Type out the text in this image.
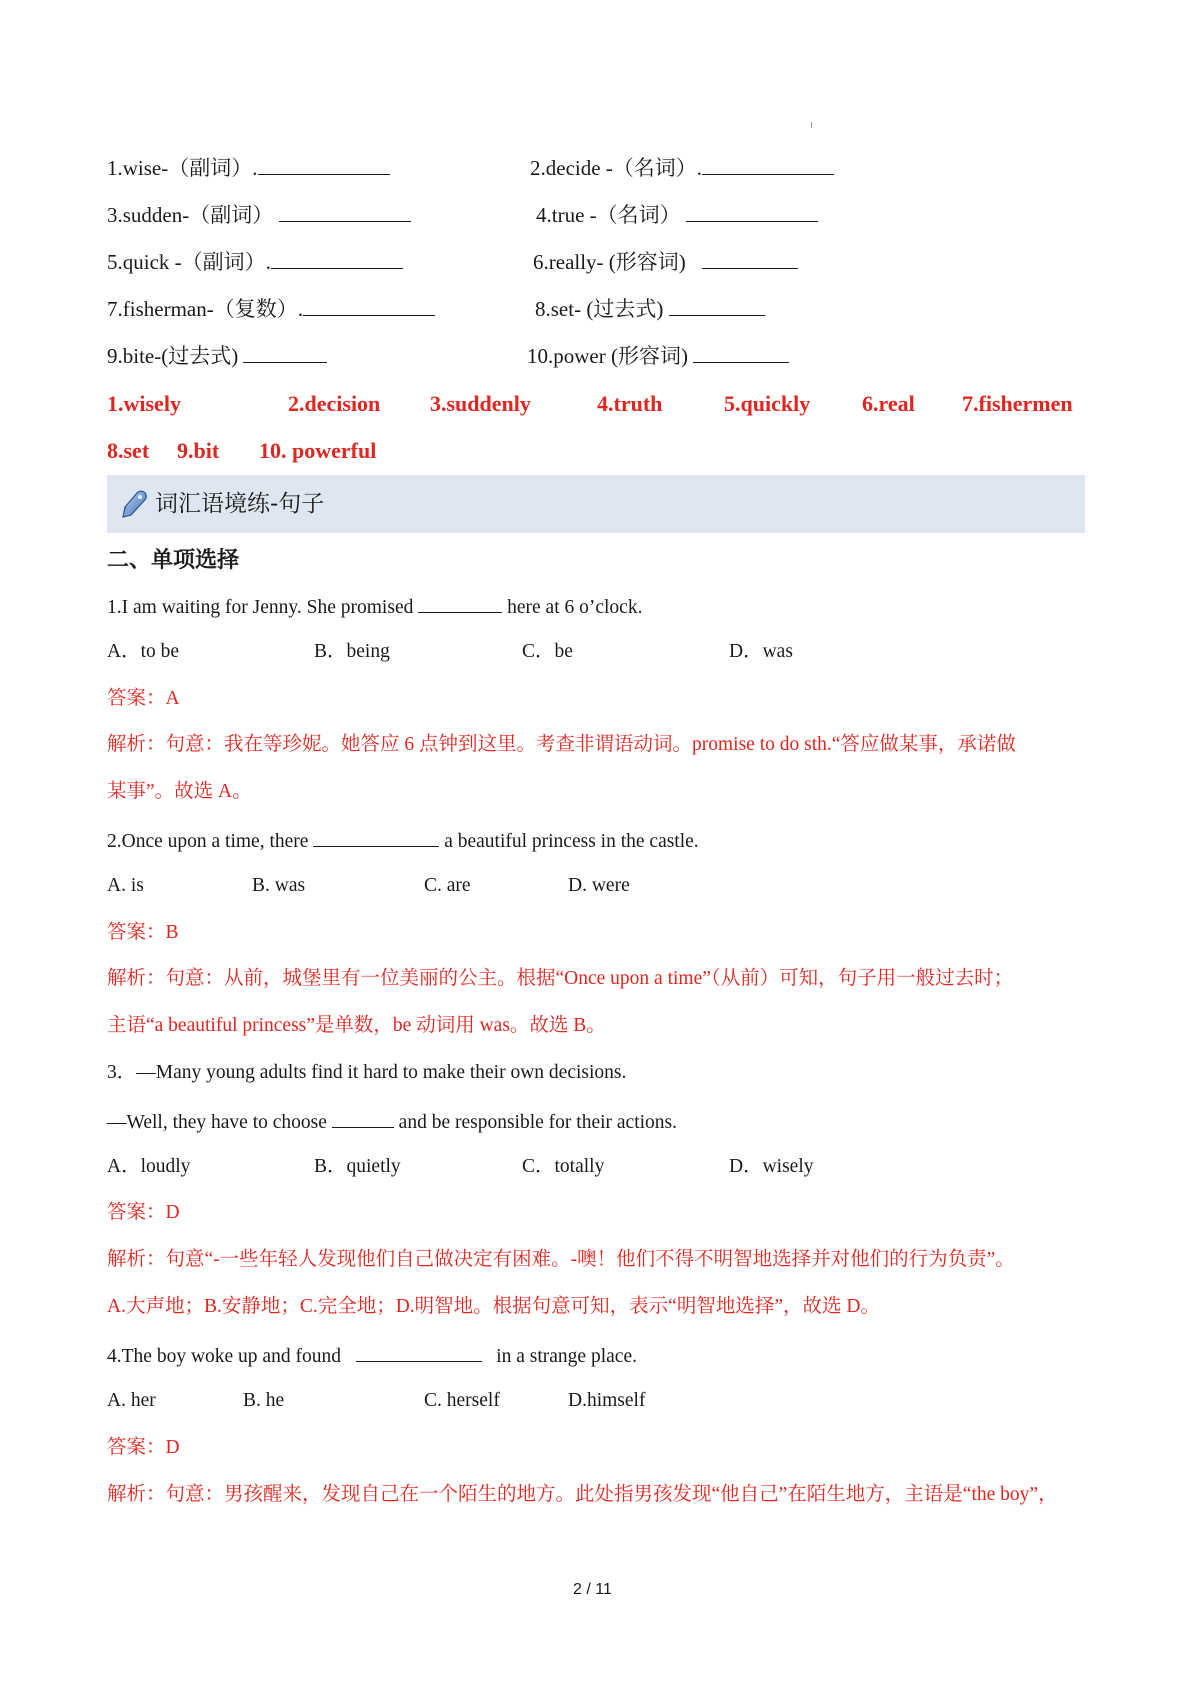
1.wise-（副词）.	2.decide -（名词）.
3.sudden-（副词）	4.true -（名词）
5.quick -（副词）.	6.really- (形容词)
7.fisherman-（复数）.	8.set- (过去式)
9.bite-(过去式)	10.power (形容词)
1.wisely	2.decision 3.suddenly	4.truth	5.quickly 6.real 7.fishermen
8.set 9.bit 10. powerful
词汇语境练-句子
二、单项选择
1.I am waiting for Jenny. She promised	here at 6 o’clock.
A．to be	B．being	C．be	D．was
答案：A
解析：句意：我在等珍妮。她答应 6 点钟到这里。考查非谓语动词。promise to do sth.“答应做某事，承诺做
某事”。故选 A。
2.Once upon a time, there	a beautiful princess in the castle.
A. is	B. was	C. are	D. were
答案：B
解析：句意：从前，城堡里有一位美丽的公主。根据“Once upon a time”（从前）可知，句子用一般过去时；
主语“a beautiful princess”是单数，be 动词用 was。故选 B。
3．—Many young adults find it hard to make their own decisions.
—Well, they have to choose	and be responsible for their actions.
A．loudly	B．quietly	C．totally	D．wisely
答案：D
解析：句意“-一些年轻人发现他们自己做决定有困难。-噢！他们不得不明智地选择并对他们的行为负责”。
A.大声地；B.安静地；C.完全地；D.明智地。根据句意可知，表示“明智地选择”，故选 D。
4.The boy woke up and found	in a strange place.
A. her	B. he	C. herself	D.himself
答案：D
解析：句意：男孩醒来，发现自己在一个陌生的地方。此处指男孩发现“他自己”在陌生地方，主语是“the boy”，
2 / 11
